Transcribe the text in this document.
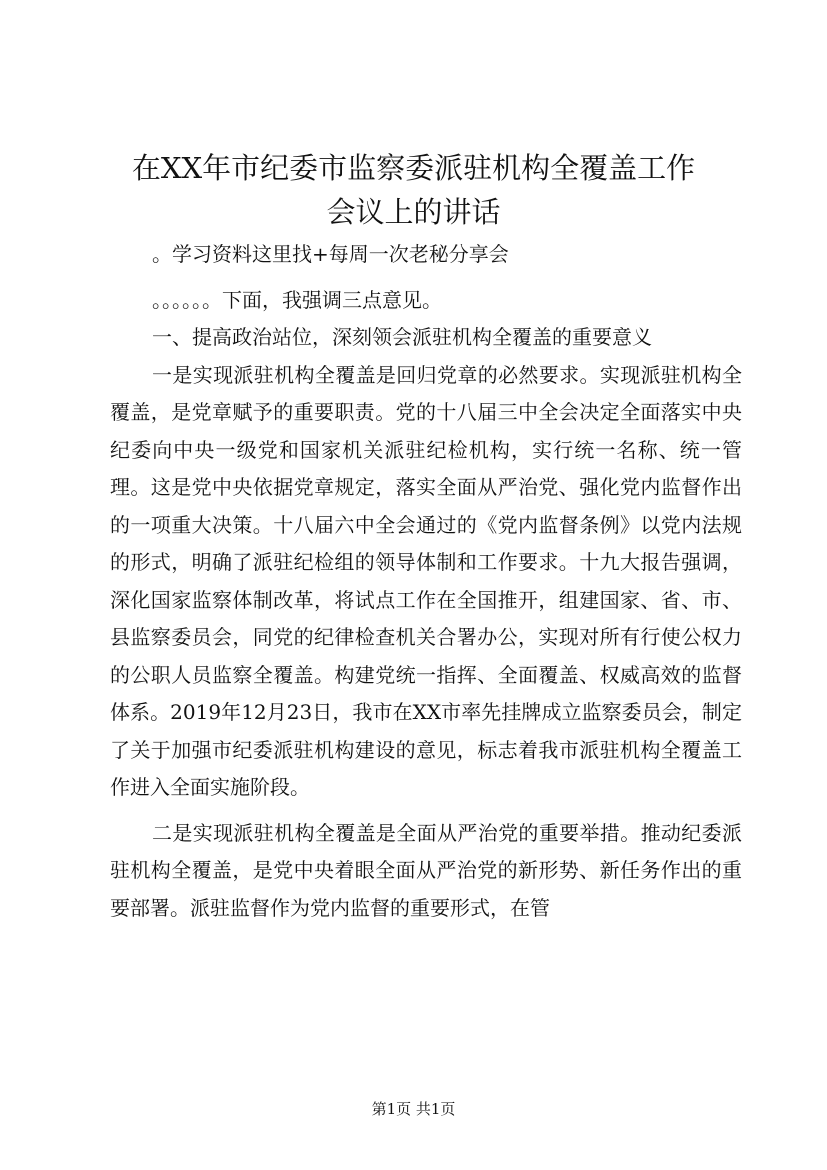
在XX年市纪委市监察委派驻机构全覆盖工作
会议上的讲话

。学习资料这里找+每周一次老秘分享会

。。。。。。下面，我强调三点意见。

一、提高政治站位，深刻领会派驻机构全覆盖的重要意义

一是实现派驻机构全覆盖是回归党章的必然要求。实现派驻机构全覆盖，是党章赋予的重要职责。党的十八届三中全会决定全面落实中央纪委向中央一级党和国家机关派驻纪检机构，实行统一名称、统一管理。这是党中央依据党章规定，落实全面从严治党、强化党内监督作出的一项重大决策。十八届六中全会通过的《党内监督条例》以党内法规的形式，明确了派驻纪检组的领导体制和工作要求。十九大报告强调，深化国家监察体制改革，将试点工作在全国推开，组建国家、省、市、县监察委员会，同党的纪律检查机关合署办公，实现对所有行使公权力的公职人员监察全覆盖。构建党统一指挥、全面覆盖、权威高效的监督体系。2019年12月23日，我市在XX市率先挂牌成立监察委员会，制定了关于加强市纪委派驻机构建设的意见，标志着我市派驻机构全覆盖工作进入全面实施阶段。

二是实现派驻机构全覆盖是全面从严治党的重要举措。推动纪委派驻机构全覆盖，是党中央着眼全面从严治党的新形势、新任务作出的重要部署。派驻监督作为党内监督的重要形式，在管

第1页 共1页
